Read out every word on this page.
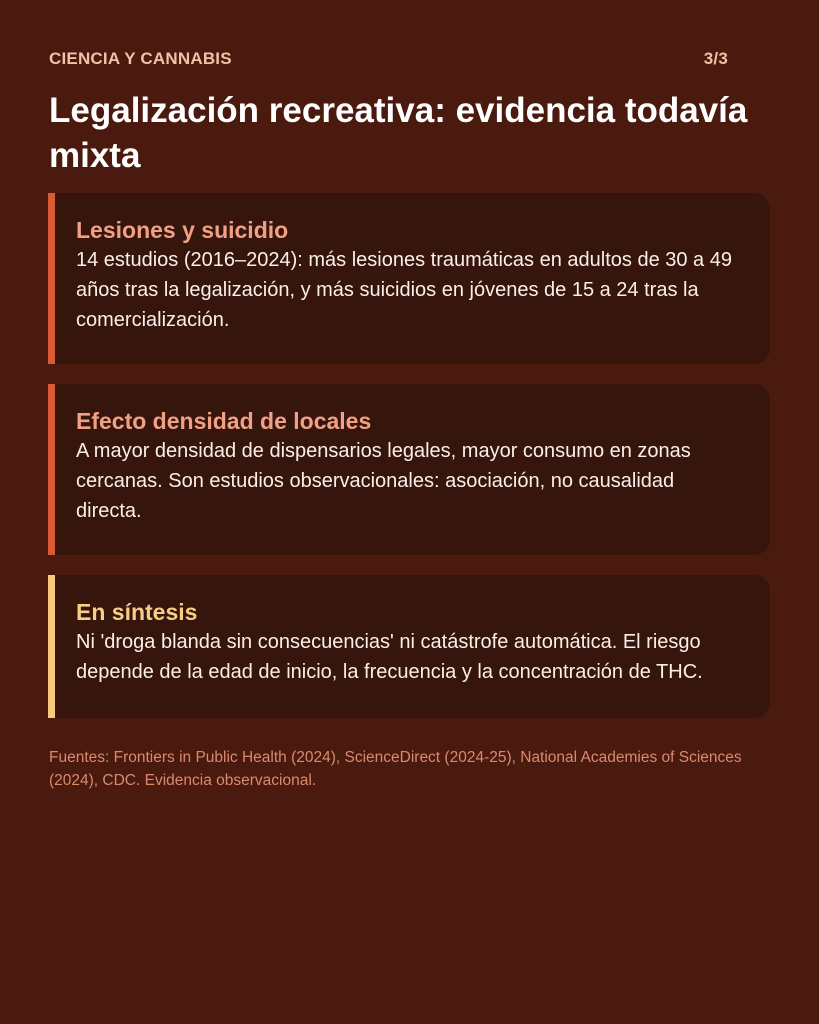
CIENCIA Y CANNABIS	3/3
Legalización recreativa: evidencia todavía mixta
Lesiones y suicidio

14 estudios (2016–2024): más lesiones traumáticas en adultos de 30 a 49 años tras la legalización, y más suicidios en jóvenes de 15 a 24 tras la comercialización.

Efecto densidad de locales

A mayor densidad de dispensarios legales, mayor consumo en zonas cercanas. Son estudios observacionales: asociación, no causalidad directa.

En síntesis

Ni 'droga blanda sin consecuencias' ni catástrofe automática. El riesgo depende de la edad de inicio, la frecuencia y la concentración de THC.

Fuentes: Frontiers in Public Health (2024), ScienceDirect (2024-25), National Academies of Sciences (2024), CDC. Evidencia observacional.
